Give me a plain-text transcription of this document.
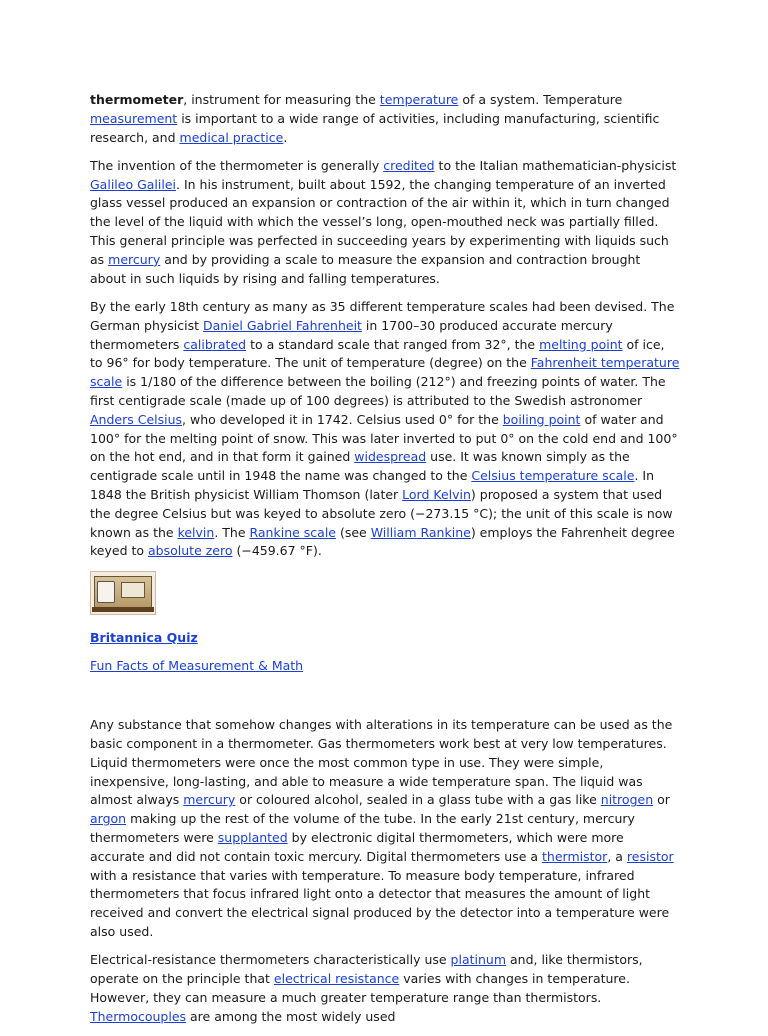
thermometer, instrument for measuring the temperature of a system. Temperature measurement is important to a wide range of activities, including manufacturing, scientific research, and medical practice.

The invention of the thermometer is generally credited to the Italian mathematician-physicist Galileo Galilei. In his instrument, built about 1592, the changing temperature of an inverted glass vessel produced an expansion or contraction of the air within it, which in turn changed the level of the liquid with which the vessel’s long, open-mouthed neck was partially filled. This general principle was perfected in succeeding years by experimenting with liquids such as mercury and by providing a scale to measure the expansion and contraction brought about in such liquids by rising and falling temperatures.

By the early 18th century as many as 35 different temperature scales had been devised. The German physicist Daniel Gabriel Fahrenheit in 1700–30 produced accurate mercury thermometers calibrated to a standard scale that ranged from 32°, the melting point of ice, to 96° for body temperature. The unit of temperature (degree) on the Fahrenheit temperature scale is 1/180 of the difference between the boiling (212°) and freezing points of water. The first centigrade scale (made up of 100 degrees) is attributed to the Swedish astronomer Anders Celsius, who developed it in 1742. Celsius used 0° for the boiling point of water and 100° for the melting point of snow. This was later inverted to put 0° on the cold end and 100° on the hot end, and in that form it gained widespread use. It was known simply as the centigrade scale until in 1948 the name was changed to the Celsius temperature scale. In 1848 the British physicist William Thomson (later Lord Kelvin) proposed a system that used the degree Celsius but was keyed to absolute zero (−273.15 °C); the unit of this scale is now known as the kelvin. The Rankine scale (see William Rankine) employs the Fahrenheit degree keyed to absolute zero (−459.67 °F).

Britannica Quiz

Fun Facts of Measurement & Math

Any substance that somehow changes with alterations in its temperature can be used as the basic component in a thermometer. Gas thermometers work best at very low temperatures. Liquid thermometers were once the most common type in use. They were simple, inexpensive, long-lasting, and able to measure a wide temperature span. The liquid was almost always mercury or coloured alcohol, sealed in a glass tube with a gas like nitrogen or argon making up the rest of the volume of the tube. In the early 21st century, mercury thermometers were supplanted by electronic digital thermometers, which were more accurate and did not contain toxic mercury. Digital thermometers use a thermistor, a resistor with a resistance that varies with temperature. To measure body temperature, infrared thermometers that focus infrared light onto a detector that measures the amount of light received and convert the electrical signal produced by the detector into a temperature were also used.

Electrical-resistance thermometers characteristically use platinum and, like thermistors, operate on the principle that electrical resistance varies with changes in temperature. However, they can measure a much greater temperature range than thermistors. Thermocouples are among the most widely used
